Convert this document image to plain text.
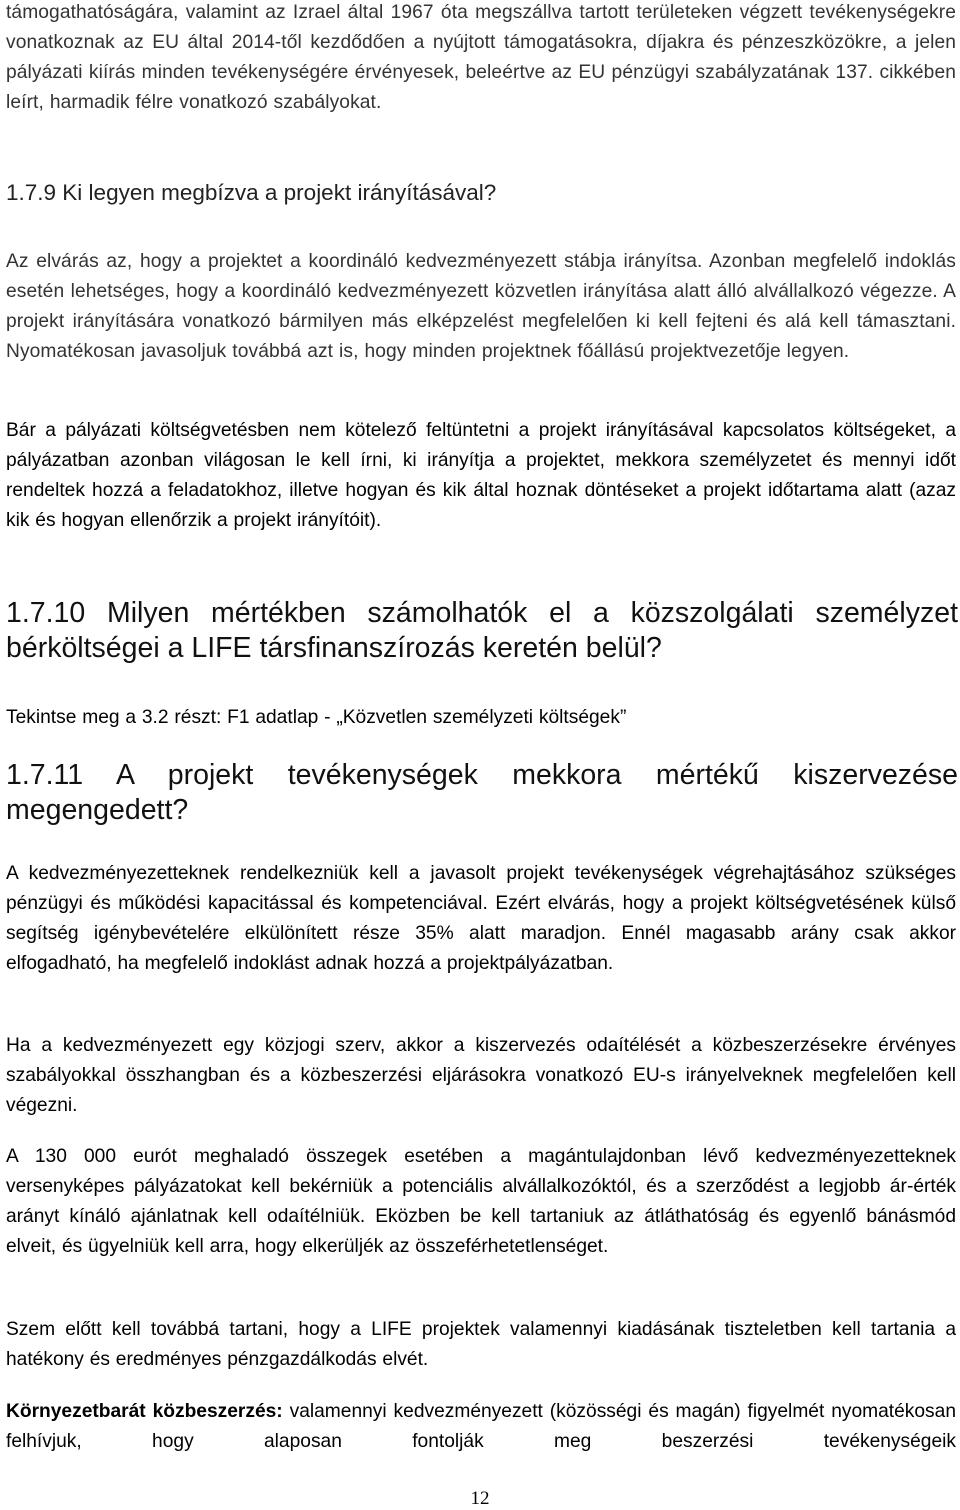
támogathatóságára, valamint az Izrael által 1967 óta megszállva tartott területeken végzett tevékenységekre vonatkoznak az EU által 2014-től kezdődően a nyújtott támogatásokra, díjakra és pénzeszközökre, a jelen pályázati kiírás minden tevékenységére érvényesek, beleértve az EU pénzügyi szabályzatának 137. cikkében leírt, harmadik félre vonatkozó szabályokat.

1.7.9 Ki legyen megbízva a projekt irányításával?

Az elvárás az, hogy a projektet a koordináló kedvezményezett stábja irányítsa. Azonban megfelelő indoklás esetén lehetséges, hogy a koordináló kedvezményezett közvetlen irányítása alatt álló alvállalkozó végezze. A projekt irányítására vonatkozó bármilyen más elképzelést megfelelően ki kell fejteni és alá kell támasztani. Nyomatékosan javasoljuk továbbá azt is, hogy minden projektnek főállású projektvezetője legyen.

Bár a pályázati költségvetésben nem kötelező feltüntetni a projekt irányításával kapcsolatos költségeket, a pályázatban azonban világosan le kell írni, ki irányítja a projektet, mekkora személyzetet és mennyi időt rendeltek hozzá a feladatokhoz, illetve hogyan és kik által hoznak döntéseket a projekt időtartama alatt (azaz kik és hogyan ellenőrzik a projekt irányítóit).

1.7.10 Milyen mértékben számolhatók el a közszolgálati személyzet bérköltségei a LIFE társfinanszírozás keretén belül?

Tekintse meg a 3.2 részt: F1 adatlap - „Közvetlen személyzeti költségek”

1.7.11 A projekt tevékenységek mekkora mértékű kiszervezése megengedett?

A kedvezményezetteknek rendelkezniük kell a javasolt projekt tevékenységek végrehajtásához szükséges pénzügyi és működési kapacitással és kompetenciával. Ezért elvárás, hogy a projekt költségvetésének külső segítség igénybevételére elkülönített része 35% alatt maradjon. Ennél magasabb arány csak akkor elfogadható, ha megfelelő indoklást adnak hozzá a projektpályázatban.

Ha a kedvezményezett egy közjogi szerv, akkor a kiszervezés odaítélését a közbeszerzésekre érvényes szabályokkal összhangban és a közbeszerzési eljárásokra vonatkozó EU-s irányelveknek megfelelően kell végezni.

A 130 000 eurót meghaladó összegek esetében a magántulajdonban lévő kedvezményezetteknek versenyképes pályázatokat kell bekérniük a potenciális alvállalkozóktól, és a szerződést a legjobb ár-érték arányt kínáló ajánlatnak kell odaítélniük. Eközben be kell tartaniuk az átláthatóság és egyenlő bánásmód elveit, és ügyelniük kell arra, hogy elkerüljék az összeférhetetlenséget.

Szem előtt kell továbbá tartani, hogy a LIFE projektek valamennyi kiadásának tiszteletben kell tartania a hatékony és eredményes pénzgazdálkodás elvét.

Környezetbarát közbeszerzés: valamennyi kedvezményezett (közösségi és magán) figyelmét nyomatékosan felhívjuk, hogy alaposan fontolják meg beszerzési tevékenységeik

12
